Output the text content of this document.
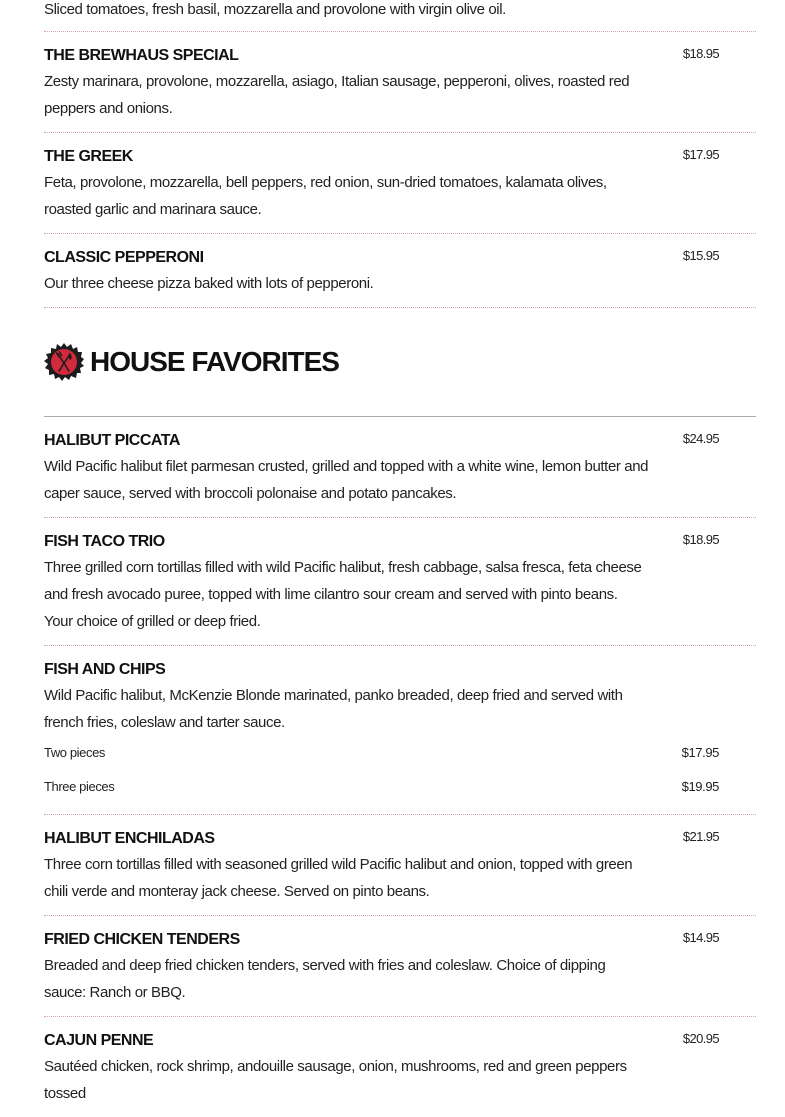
Sliced tomatoes, fresh basil, mozzarella and provolone with virgin olive oil.
THE BREWHAUS SPECIAL
Zesty marinara, provolone, mozzarella, asiago, Italian sausage, pepperoni, olives, roasted red peppers and onions.
$18.95
THE GREEK
Feta, provolone, mozzarella, bell peppers, red onion, sun-dried tomatoes, kalamata olives, roasted garlic and marinara sauce.
$17.95
CLASSIC PEPPERONI
Our three cheese pizza baked with lots of pepperoni.
$15.95
HOUSE FAVORITES
HALIBUT PICCATA
Wild Pacific halibut filet parmesan crusted, grilled and topped with a white wine, lemon butter and caper sauce, served with broccoli polonaise and potato pancakes.
$24.95
FISH TACO TRIO
Three grilled corn tortillas filled with wild Pacific halibut, fresh cabbage, salsa fresca, feta cheese and fresh avocado puree, topped with lime cilantro sour cream and served with pinto beans. Your choice of grilled or deep fried.
$18.95
FISH AND CHIPS
Wild Pacific halibut, McKenzie Blonde marinated, panko breaded, deep fried and served with french fries, coleslaw and tarter sauce.
Two pieces	$17.95
Three pieces	$19.95
HALIBUT ENCHILADAS
Three corn tortillas filled with seasoned grilled wild Pacific halibut and onion, topped with green chili verde and monteray jack cheese. Served on pinto beans.
$21.95
FRIED CHICKEN TENDERS
Breaded and deep fried chicken tenders, served with fries and coleslaw. Choice of dipping sauce: Ranch or BBQ.
$14.95
CAJUN PENNE
Sautéed chicken, rock shrimp, andouille sausage, onion, mushrooms, red and green peppers tossed
$20.95
